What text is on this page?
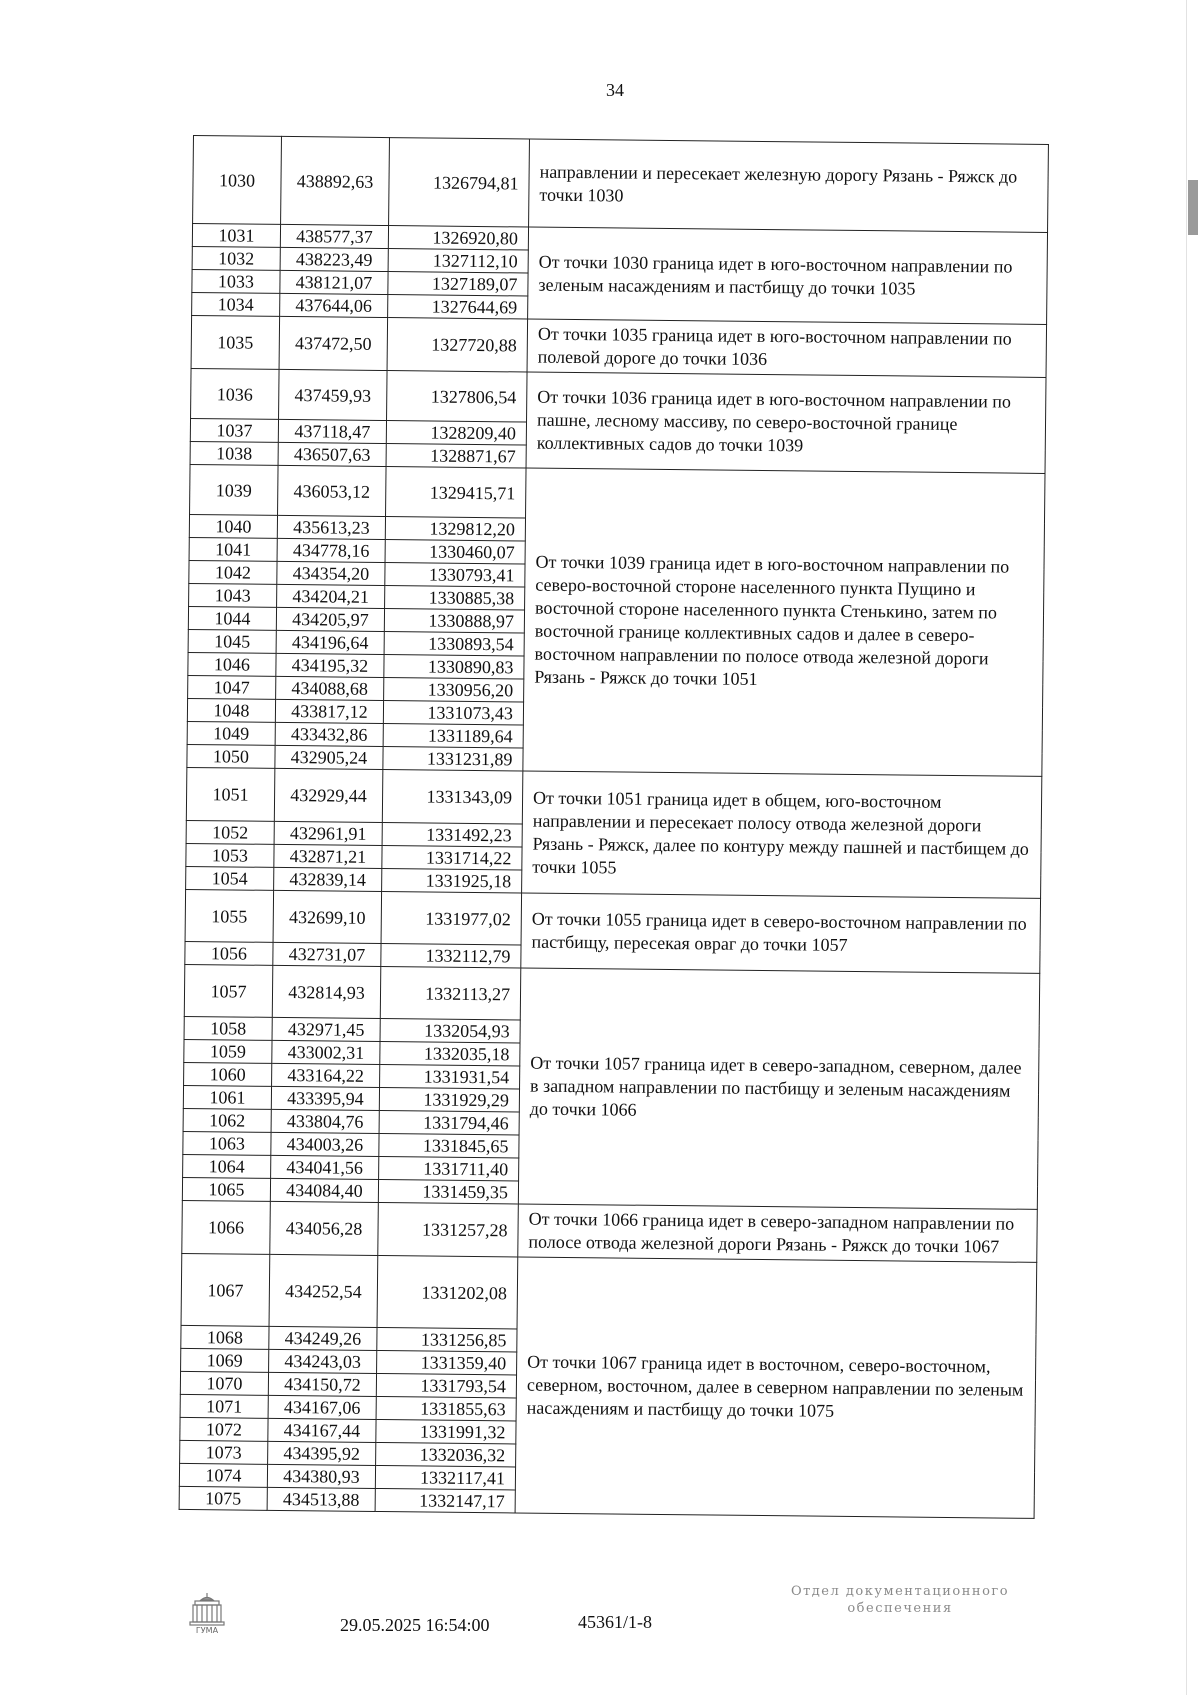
34
1030	438892,63	1326794,81	направлении и пересекает железную дорогу Рязань - Ряжск до точки 1030
1031	438577,37	1326920,80	От точки 1030 граница идет в юго-восточном направлении по зеленым насаждениям и пастбищу до точки 1035
1032	438223,49	1327112,10	
1033	438121,07	1327189,07	
1034	437644,06	1327644,69	
1035	437472,50	1327720,88	От точки 1035 граница идет в юго-восточном направлении по полевой дороге до точки 1036
1036	437459,93	1327806,54	От точки 1036 граница идет в юго-восточном направлении по пашне, лесному массиву, по северо-восточной границе коллективных садов до точки 1039
1037	437118,47	1328209,40	
1038	436507,63	1328871,67	
1039	436053,12	1329415,71	От точки 1039 граница идет в юго-восточном направлении по северо-восточной стороне населенного пункта Пущино и восточной стороне населенного пункта Стенькино, затем по восточной границе коллективных садов и далее в северо-восточном направлении по полосе отвода железной дороги Рязань - Ряжск до точки 1051
1040	435613,23	1329812,20	
1041	434778,16	1330460,07	
1042	434354,20	1330793,41	
1043	434204,21	1330885,38	
1044	434205,97	1330888,97	
1045	434196,64	1330893,54	
1046	434195,32	1330890,83	
1047	434088,68	1330956,20	
1048	433817,12	1331073,43	
1049	433432,86	1331189,64	
1050	432905,24	1331231,89	
1051	432929,44	1331343,09	От точки 1051 граница идет в общем, юго-восточном направлении и пересекает полосу отвода железной дороги Рязань - Ряжск, далее по контуру между пашней и пастбищем до точки 1055
1052	432961,91	1331492,23	
1053	432871,21	1331714,22	
1054	432839,14	1331925,18	
1055	432699,10	1331977,02	От точки 1055 граница идет в северо-восточном направлении по пастбищу, пересекая овраг до точки 1057
1056	432731,07	1332112,79	
1057	432814,93	1332113,27	От точки 1057 граница идет в северо-западном, северном, далее в западном направлении по пастбищу и зеленым насаждениям до точки 1066
1058	432971,45	1332054,93	
1059	433002,31	1332035,18	
1060	433164,22	1331931,54	
1061	433395,94	1331929,29	
1062	433804,76	1331794,46	
1063	434003,26	1331845,65	
1064	434041,56	1331711,40	
1065	434084,40	1331459,35	
1066	434056,28	1331257,28	От точки 1066 граница идет в северо-западном направлении по полосе отвода железной дороги Рязань - Ряжск до точки 1067
1067	434252,54	1331202,08	От точки 1067 граница идет в восточном, северо-восточном, северном, восточном, далее в северном направлении по зеленым насаждениям и пастбищу до точки 1075
1068	434249,26	1331256,85	
1069	434243,03	1331359,40	
1070	434150,72	1331793,54	
1071	434167,06	1331855,63	
1072	434167,44	1331991,32	
1073	434395,92	1332036,32	
1074	434380,93	1332117,41	
1075	434513,88	1332147,17	
ГУМА	29.05.2025 16:54:00	45361/1-8
Отдел документационного
обеспечения
